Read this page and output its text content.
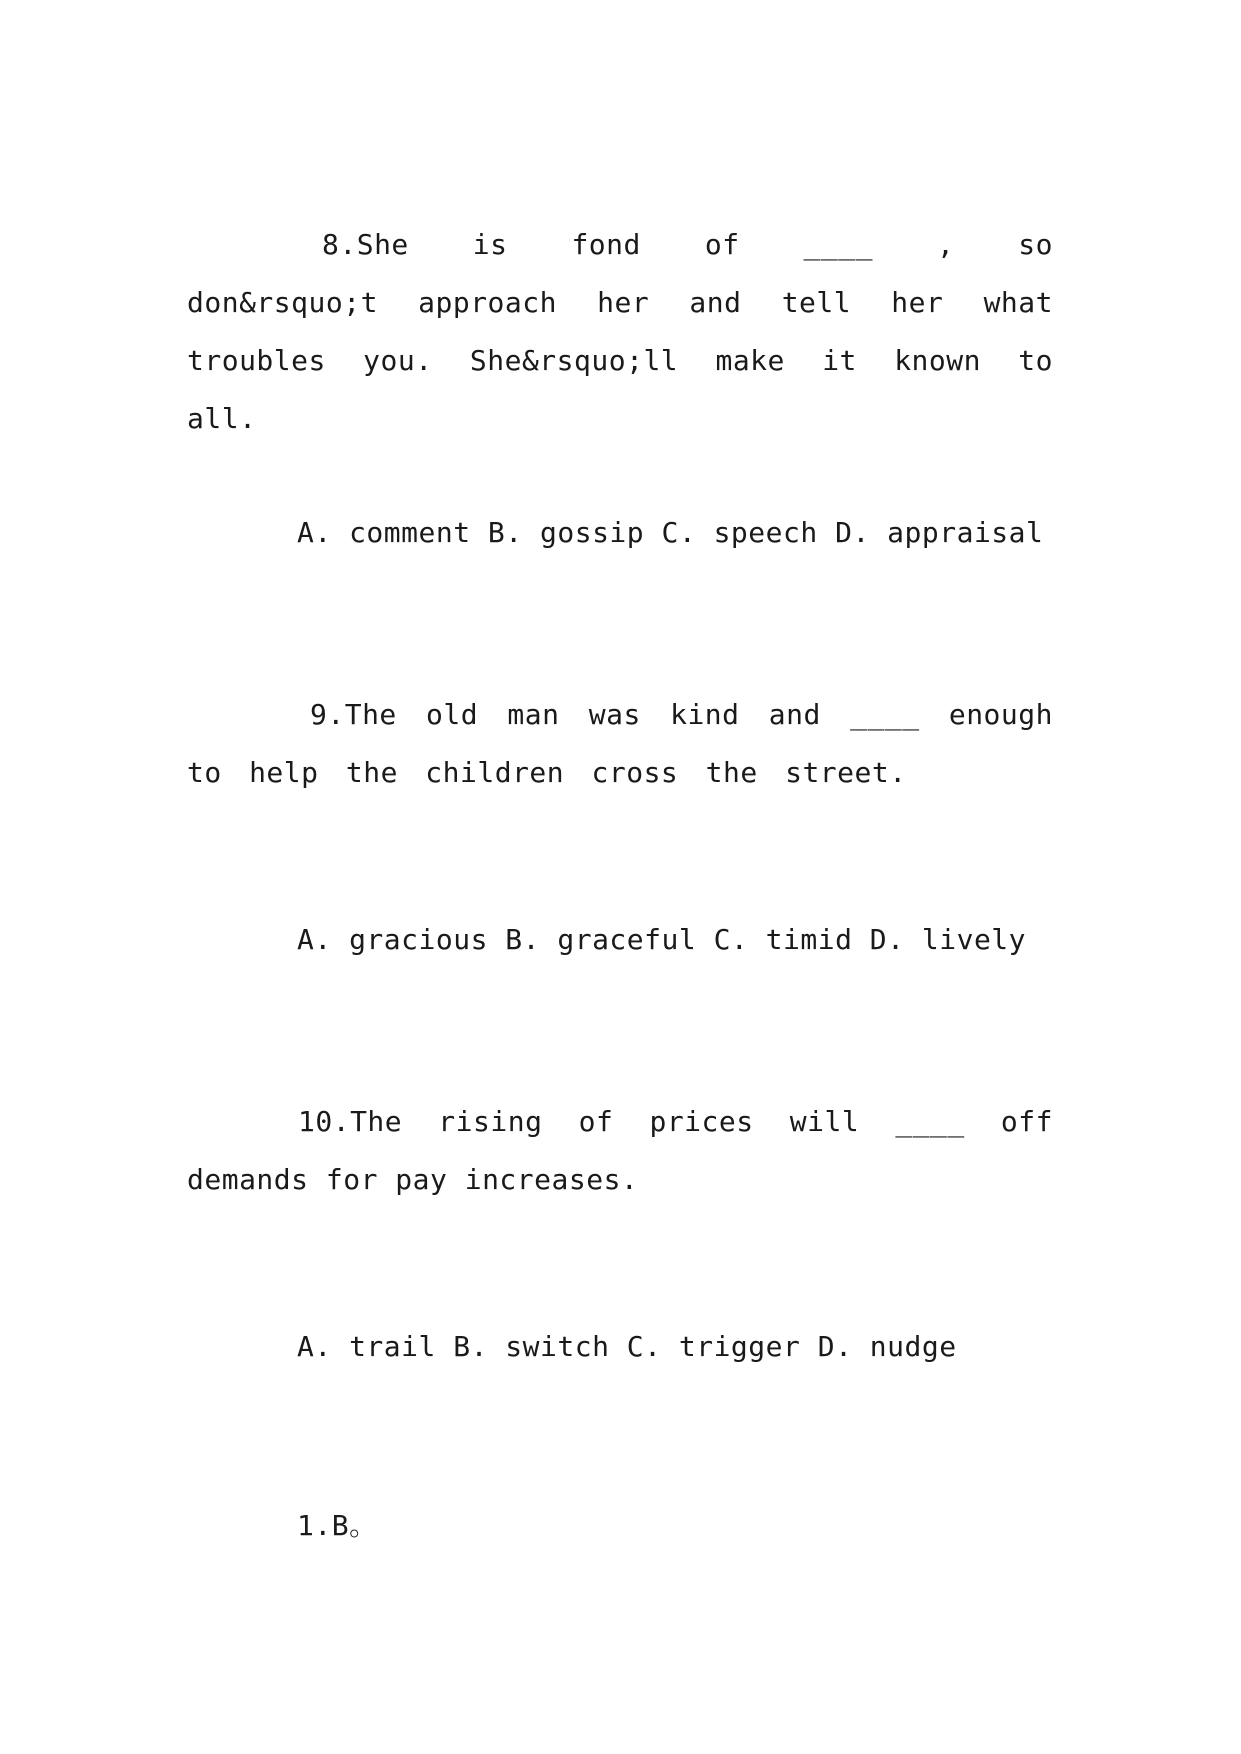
8.She is fond of ____ , so don&rsquo;t approach her and tell her what troubles you. She&rsquo;ll make it known to all.
A. comment B. gossip C. speech D. appraisal
9.The old man was kind and ____ enough to help the children cross the street.
A. gracious B. graceful C. timid D. lively
10.The rising of prices will ____ off demands for pay increases.
A. trail B. switch C. trigger D. nudge
1.B。
